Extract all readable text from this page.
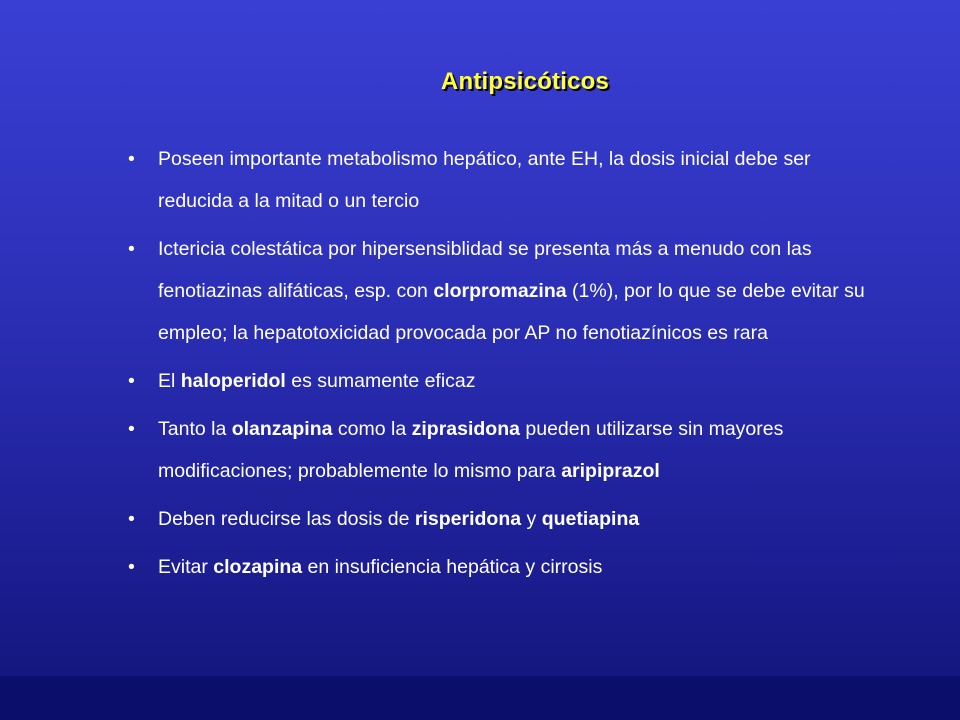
Antipsicóticos
•	Poseen importante metabolismo hepático, ante EH, la dosis inicial debe ser reducida a la mitad o un tercio
•	Ictericia colestática por hipersensiblidad se presenta más a menudo con las fenotiazinas alifáticas, esp. con clorpromazina (1%), por lo que se debe evitar su empleo; la hepatotoxicidad provocada por AP no fenotiazínicos es rara
•	El haloperidol es sumamente eficaz
•	Tanto la olanzapina como la ziprasidona pueden utilizarse sin mayores modificaciones; probablemente lo mismo para aripiprazol
•	Deben reducirse las dosis de risperidona y quetiapina
•	Evitar clozapina en insuficiencia hepática y cirrosis
